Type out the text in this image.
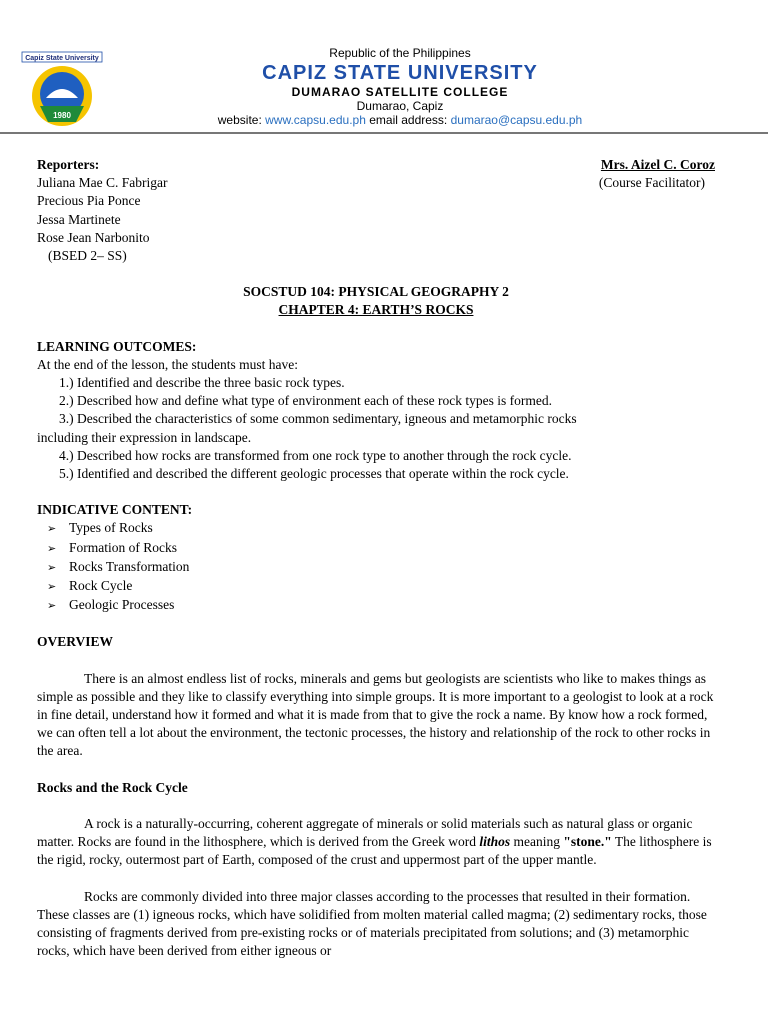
Capiz State University
1980
Republic of the Philippines
CAPIZ STATE UNIVERSITY
DUMARAO SATELLITE COLLEGE
Dumarao, Capiz
website: www.capsu.edu.ph email address: dumarao@capsu.edu.ph
Reporters:
Juliana Mae C. Fabrigar
Precious Pia Ponce
Jessa Martinete
Rose Jean Narbonito
(BSED 2– SS)
Mrs. Aizel C. Coroz
(Course Facilitator)
SOCSTUD 104: PHYSICAL GEOGRAPHY 2
CHAPTER 4: EARTH’S ROCKS
LEARNING OUTCOMES:
At the end of the lesson, the students must have:
1.) Identified and describe the three basic rock types.
2.) Described how and define what type of environment each of these rock types is formed.
3.) Described the characteristics of some common sedimentary, igneous and metamorphic rocks
including their expression in landscape.
4.) Described how rocks are transformed from one rock type to another through the rock cycle.
5.) Identified and described the different geologic processes that operate within the rock cycle.
INDICATIVE CONTENT:
➢ Types of Rocks
➢ Formation of Rocks
➢ Rocks Transformation
➢ Rock Cycle
➢ Geologic Processes
OVERVIEW
There is an almost endless list of rocks, minerals and gems but geologists are scientists who like to makes things as simple as possible and they like to classify everything into simple groups. It is more important to a geologist to look at a rock in fine detail, understand how it formed and what it is made from that to give the rock a name. By know how a rock formed, we can often tell a lot about the environment, the tectonic processes, the history and relationship of the rock to other rocks in the area.
Rocks and the Rock Cycle
A rock is a naturally-occurring, coherent aggregate of minerals or solid materials such as natural glass or organic matter. Rocks are found in the lithosphere, which is derived from the Greek word lithos meaning "stone." The lithosphere is the rigid, rocky, outermost part of Earth, composed of the crust and uppermost part of the upper mantle.
Rocks are commonly divided into three major classes according to the processes that resulted in their formation. These classes are (1) igneous rocks, which have solidified from molten material called magma; (2) sedimentary rocks, those consisting of fragments derived from pre-existing rocks or of materials precipitated from solutions; and (3) metamorphic rocks, which have been derived from either igneous or
